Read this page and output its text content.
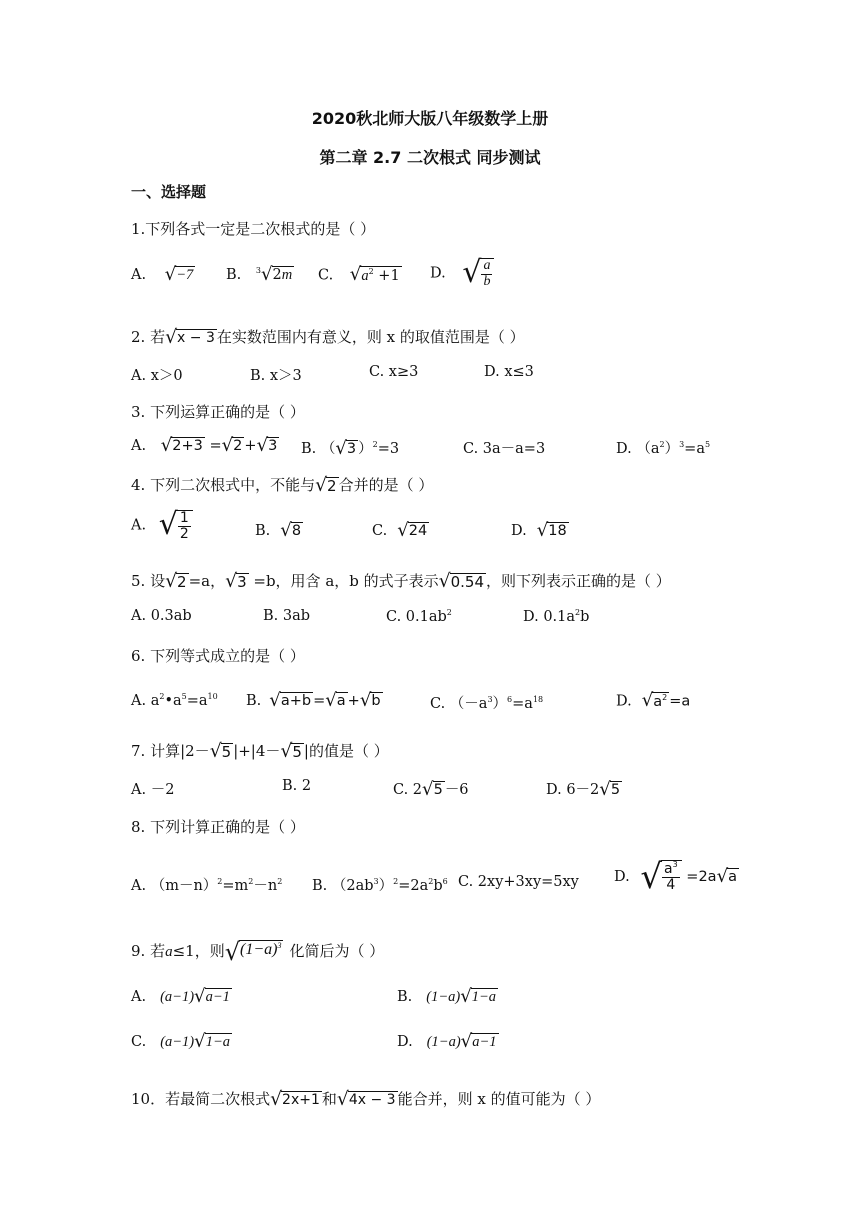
2020秋北师大版八年级数学上册
第二章 2.7 二次根式 同步测试
一、选择题
1.下列各式一定是二次根式的是（ ）
A. √ −7 B. $^3$ √ 2m C. √ $a^2 +1$ D. √ $\frac{a}{b}$
2. 若 √ x − 3 在实数范围内有意义，则 x 的取值范围是（ ）
A. x＞0	B. x＞3	C. x≥3	D. x≤3
3. 下列运算正确的是（ ）
A. √ 2+3 = √ 2 + √ 3 B. （ √ 3 ）$^2$=3	C. 3a－a=3	D. $(a^2)^3=a^5$
4. 下列二次根式中，不能与 √ 2 合并的是（ ）
A. √ $\frac{1}{2}$	B. √ 8	C. √ 24	D. √ 18
5. 设 √ 2 =a， √ 3 =b，用含 a，b 的式子表示 √ 0.54 ，则下列表示正确的是（ ）
A. 0.3ab	B. 3ab	C. $0.1ab^2$	D. $0.1a^2b$
6. 下列等式成立的是（ ）
A. $a^2•a^5=a^{10}$ B. √ a+b = √ a + √ b	C. $(-a^3)^6=a^{18}$	D. √ $a^2 =a$
7. 计算|2－ √ 5 |+|4－ √ 5 |的值是（ ）
A. －2	B. 2	C. 2 √ 5 －6	D. 6－2 √ 5
8. 下列计算正确的是（ ）
A. $(m-n)^2=m^2-n^2$ B. $(2ab^3)^2=2a^2b^6$ C. 2xy+3xy=5xy D. √ $\frac{a^3}{4} =2a$ √ a
9. 若a≤1，则 √ $(1-a)^3$ 化简后为（ ）
A. (a−1) √ a−1	B. (1−a) √ 1−a
C. (a−1) √ 1−a	D. (1−a) √ a−1
10．若最简二次根式 √ 2x+1 和 √ 4x − 3 能合并，则 x 的值可能为（ ）
